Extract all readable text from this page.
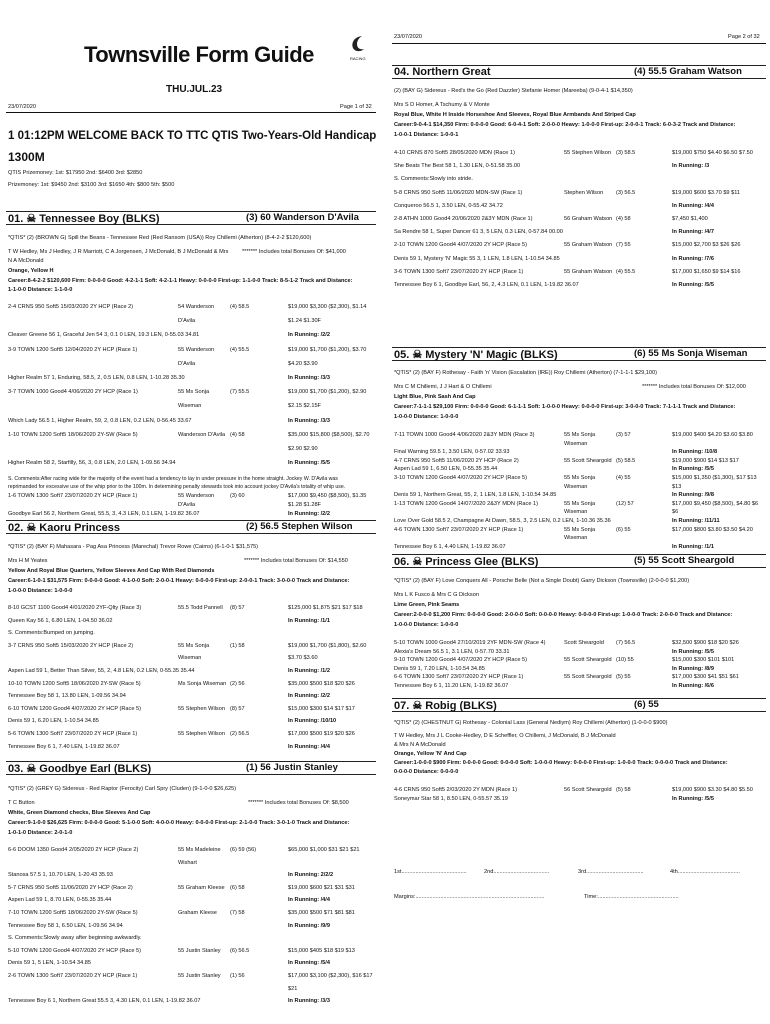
Townsville Form Guide	RACING
THU.JUL.23
23/07/2020	Page 1 of 32
1 01:12PM WELCOME BACK TO TTC QTIS Two-Years-Old Handicap
1300M
QTIS Prizemoney: 1st: $17950 2nd: $6400 3rd: $2850
Prizemoney: 1st: $9450 2nd: $3100 3rd: $1650 4th: $800 5th: $500
01. ☠ Tennessee Boy (BLKS)	(3) 60 Wanderson D'Avila
*QTIS* (2) (BROWN G) Spill the Beans - Tennessee Red (Red Ransom (USA)) Roy Chillemi (Atherton) (8-4-2-2 $120,600)
T W Hedley, Ms J Hedley, J R Marriott, C A Jorgensen, J McDonald, B J McDonald & Mrs ******* Includes total Bonuses Of: $41,000
N A McDonald
Orange, Yellow H
Career:8-4-2-2 $120,600 Firm: 0-0-0-0 Good: 4-2-1-1 Soft: 4-2-1-1 Heavy: 0-0-0-0 First-up: 1-1-0-0 Track: 8-5-1-2 Track and Distance:
1-1-0-0 Distance: 1-1-0-0
2-4 CRNS 950 Soft5 15/03/2020 2Y HCP (Race 2)	54 Wanderson	(4) 58.5	$19,000 $3,300 ($2,300), $1.14
D'Avila	$1.24 $1.30F
Cleaver Greene 56 1, Graceful Jen 54 3, 0.1 0 LEN, 19.3 LEN, 0-55.03 34.81	In Running: /2/2
3-9 TOWN 1200 Soft5 12/04/2020 2Y HCP (Race 1)	55 Wanderson	(4) 55.5	$19,000 $1,700 ($1,200), $3.70
D'Avila	$4.20 $3.90
Higher Realm 57 1, Enduring, 58.5, 2, 0.5 LEN, 0.8 LEN, 1-10.28 35.30	In Running: /3/3
3-7 TOWN 1000 Good4 4/06/2020 2Y HCP (Race 1)	55 Ms Sonja	(7) 55.5	$19,000 $1,700 ($1,200), $2.90
Wiseman	$2.15 $2.15F
Which Lady 56.5 1, Higher Realm, 59, 2, 0.8 LEN, 0.2 LEN, 0-56.45 33.67	In Running: /3/3
1-10 TOWN 1200 Soft5 18/06/2020 2Y-SW (Race 5)	Wanderson D'Avila (4) 58	$35,000 $15,800 ($8,500), $2.70
$2.90 $2.90
Higher Realm 58 2, Starfilly, 56, 3, 0.8 LEN, 2.0 LEN, 1-09.56 34.94	In Running: /5/5
S. Comments:After racing wide for the majority of the event had a tendency to lay in under pressure in the home straight. Jockey W. D'Avila was
reprimanded for excessive use of the whip prior to the 100m. In determining penalty stewards took into account jockey D'Avila's totality of whip use.
1-6 TOWN 1300 Soft7 23/07/2020 2Y HCP (Race 1)	55 Wanderson	(3) 60	$17,000 $9,450 ($8,500), $1.35
D'Avila	$1.28 $1.28F
Goodbye Earl 56 2, Northern Great, 55.5, 3, 4.3 LEN, 0.1 LEN, 1-19.82 36.07	In Running: /2/2
02. ☠ Kaoru Princess	(2) 56.5 Stephen Wilson
*QTIS* (2) (BAY F) Mahasara - Pag Asa Princess (Marechal) Trevor Rowe (Cairns) (6-1-0-1 $31,575)
Mrs H M Yeates	******* Includes total Bonuses Of: $14,550
Yellow And Royal Blue Quarters, Yellow Sleeves And Cap With Red Diamonds
Career:6-1-0-1 $31,575 Firm: 0-0-0-0 Good: 4-1-0-0 Soft: 2-0-0-1 Heavy: 0-0-0-0 First-up: 2-0-0-1 Track: 3-0-0-0 Track and Distance:
1-0-0-0 Distance: 1-0-0-0
8-10 GCST 1100 Good4 4/01/2020 2YF-Qlty (Race 3)	55.5 Todd Pannell (8) 57	$125,000 $1,875 $21 $17 $18
Queen Kay 56 1, 6.80 LEN, 1-04.50 36.02	In Running: /1/1
S. Comments:Bumped on jumping.
3-7 CRNS 950 Soft5 15/03/2020 2Y HCP (Race 2)	55 Ms Sonja	(1) 58	$19,000 $1,700 ($1,800), $2.60
Wiseman	$3.70 $3.60
Aspen Lad 59 1, Better Than Silver, 55, 2, 4.8 LEN, 0.2 LEN, 0-55.35 35.44	In Running: /1/2
10-10 TOWN 1200 Soft5 18/06/2020 2Y-SW (Race 5)	Ms Sonja Wiseman (2) 56	$35,000 $500 $18 $20 $26
Tennessee Boy 58 1, 13.80 LEN, 1-09.56 34.94	In Running: /2/2
6-10 TOWN 1200 Good4 4/07/2020 2Y HCP (Race 5)	55 Stephen Wilson (8) 57	$15,000 $300 $14 $17 $17
Denis 59 1, 6.20 LEN, 1-10.54 34.85	In Running: /10/10
5-6 TOWN 1300 Soft7 23/07/2020 2Y HCP (Race 1)	55 Stephen Wilson (2) 56.5	$17,000 $500 $19 $20 $26
Tennessee Boy 6 1, 7.40 LEN, 1-19.82 36.07	In Running: /4/4
03. ☠ Goodbye Earl (BLKS)	(1) 56 Justin Stanley
*QTIS* (2) (GREY G) Sidereus - Red Raptor (Ferocity) Carl Spry (Cluden) (9-1-0-0 $26,625)
T C Button	******* Includes total Bonuses Of: $8,500
White, Green Diamond checks, Blue Sleeves And Cap
Career:9-1-0-0 $26,625 Firm: 0-0-0-0 Good: 5-1-0-0 Soft: 4-0-0-0 Heavy: 0-0-0-0 First-up: 2-1-0-0 Track: 3-0-1-0 Track and Distance:
1-0-1-0 Distance: 2-0-1-0
6-6 DOOM 1350 Good4 2/05/2020 2Y HCP (Race 2)	55 Ms Madeleine (6) 59 (56)	$65,000 $1,000 $31 $21 $21
Wishart
Stanosa 57.5 1, 10.70 LEN, 1-20.43 35.93	In Running: 2/2/2
5-7 CRNS 950 Soft5 11/06/2020 2Y HCP (Race 2)	55 Graham Kleese (6) 58	$19,000 $600 $21 $31 $31
Aspen Lad 59 1, 8.70 LEN, 0-55.35 35.44	In Running: /4/4
7-10 TOWN 1200 Soft5 18/06/2020 2Y-SW (Race 5)	Graham Kleese (7) 58	$35,000 $500 $71 $81 $81
Tennessee Boy 58 1, 6.50 LEN, 1-09.56 34.94	In Running: /9/9
S. Comments:Slowly away after beginning awkwardly.
5-10 TOWN 1200 Good4 4/07/2020 2Y HCP (Race 5)	55 Justin Stanley (6) 56.5	$15,000 $405 $18 $19 $13
Denis 59 1, 5 LEN, 1-10.54 34.85	In Running: /5/4
2-6 TOWN 1300 Soft7 23/07/2020 2Y HCP (Race 1)	55 Justin Stanley (1) 56	$17,000 $3,100 ($2,300), $16 $17
$21
Tennessee Boy 6 1, Northern Great 55.5 3, 4.30 LEN, 0.1 LEN, 1-19.82 36.07	In Running: /3/3
23/07/2020	Page 2 of 32
04. Northern Great	(4) 55.5 Graham Watson
(2) (BAY G) Sidereus - Red's the Go (Red Dazzler) Stefanie Homer (Mareeba) (9-0-4-1 $14,350)
Mrs S D Homer, A Tschumy & V Monte
Royal Blue, White H Inside Horseshoe And Sleeves, Royal Blue Armbands And Striped Cap
Career:9-0-4-1 $14,350 Firm: 0-0-0-0 Good: 6-0-4-1 Soft: 2-0-0-0 Heavy: 1-0-0-0 First-up: 2-0-0-1 Track: 6-0-3-2 Track and Distance:
1-0-0-1 Distance: 1-0-0-1
4-10 CRNS 870 Soft5 28/05/2020 MDN (Race 1)	55 Stephen Wilson (3) 58.5	$19,000 $750 $4.40 $6.50 $7.50
She Beats The Best 58 1, 1.30 LEN, 0-51.58 35.00	In Running: /3
S. Comments:Slowly into stride.
5-8 CRNS 950 Soft5 11/06/2020 MDN-SW (Race 1)	Stephen Wilson (3) 56.5	$19,000 $600 $3.70 $9 $11
Conqueroo 56.5 1, 3.50 LEN, 0-55.42 34.72	In Running: /4/4
2-8 ATHN 1000 Good4 20/06/2020 2&3Y MDN (Race 1)	56 Graham Watson (4) 58	$7,450 $1,400
Sa Rendre 58 1, Super Dancer 61 3, 5 LEN, 0.3 LEN, 0-57.84 00.00	In Running: /4/7
2-10 TOWN 1200 Good4 4/07/2020 2Y HCP (Race 5)	55 Graham Watson (7) 55	$15,000 $2,700 $3 $26 $26
Denis 59 1, Mystery 'N' Magic 55 3, 1 LEN, 1.8 LEN, 1-10.54 34.85	In Running: /7/6
3-6 TOWN 1300 Soft7 23/07/2020 2Y HCP (Race 1)	55 Graham Watson (4) 55.5	$17,000 $1,650 $9 $14 $16
Tennessee Boy 6 1, Goodbye Earl, 56, 2, 4.3 LEN, 0.1 LEN, 1-19.82 36.07	In Running: /5/5
05. ☠ Mystery 'N' Magic (BLKS)	(6) 55 Ms Sonja Wiseman
*QTIS* (2) (BAY F) Rothesay - Faith 'n' Vision (Escalation (IRE)) Roy Chillemi (Atherton) (7-1-1-1 $29,100)
Mrs C M Chillemi, J J Hart & O Chillemi	******* Includes total Bonuses Of: $12,000
Light Blue, Pink Sash And Cap
Career:7-1-1-1 $29,100 Firm: 0-0-0-0 Good: 6-1-1-1 Soft: 1-0-0-0 Heavy: 0-0-0-0 First-up: 3-0-0-0 Track: 7-1-1-1 Track and Distance:
1-0-0-0 Distance: 1-0-0-0
7-11 TOWN 1000 Good4 4/06/2020 2&3Y MDN (Race 3)	55 Ms Sonja	(3) 57	$19,000 $400 $4.20 $3.60 $3.80
Wiseman
Final Warning 59.5 1, 3.50 LEN, 0-57.02 33.93	In Running: /10/8
4-7 CRNS 950 Soft5 11/06/2020 2Y HCP (Race 2)	55 Scott Sheargold (5) 58.5	$19,000 $900 $14 $13 $17
Aspen Lad 59 1, 6.50 LEN, 0-55.35 35.44	In Running: /5/5
3-10 TOWN 1200 Good4 4/07/2020 2Y HCP (Race 5)	55 Ms Sonja	(4) 55	$15,000 $1,350 ($1,300), $17 $13
Wiseman	$13
Denis 59 1, Northern Great, 55, 2, 1 LEN, 1.8 LEN, 1-10.54 34.85	In Running: /9/8
1-13 TOWN 1200 Good4 14/07/2020 2&3Y MDN (Race 1)	55 Ms Sonja	(12) 57	$17,000 $9,450 ($8,500), $4.80 $6
Wiseman	$6
Love Over Gold 58.5 2, Champagne At Dawn, 58.5, 3, 2.5 LEN, 0.2 LEN, 1-10.36 35.36	In Running: /11/11
4-6 TOWN 1300 Soft7 23/07/2020 2Y HCP (Race 1)	55 Ms Sonja	(6) 55	$17,000 $800 $3.80 $3.50 $4.20
Wiseman
Tennessee Boy 6 1, 4.40 LEN, 1-19.82 36.07	In Running: /1/1
06. ☠ Princess Glee (BLKS)	(5) 55 Scott Sheargold
*QTIS* (2) (BAY F) Love Conquers All - Porsche Belle (Not a Single Doubt) Garry Dickson (Townsville) (2-0-0-0 $1,200)
Mrs L K Fusco & Mrs C G Dickson
Lime Green, Pink Seams
Career:2-0-0-0 $1,200 Firm: 0-0-0-0 Good: 2-0-0-0 Soft: 0-0-0-0 Heavy: 0-0-0-0 First-up: 1-0-0-0 Track: 2-0-0-0 Track and Distance:
1-0-0-0 Distance: 1-0-0-0
5-10 TOWN 1000 Good4 27/10/2019 2YF MDN-SW (Race 4)	Scott Sheargold (7) 56.5	$32,500 $900 $18 $20 $26
Alexia's Dream 56.5 1, 3.1 LEN, 0-57.70 33.31	In Running: /5/5
9-10 TOWN 1200 Good4 4/07/2020 2Y HCP (Race 5)	55 Scott Sheargold (10) 55	$15,000 $300 $101 $101
Denis 59 1, 7.20 LEN, 1-10.54 34.85	In Running: /8/9
6-6 TOWN 1300 Soft7 23/07/2020 2Y HCP (Race 1)	55 Scott Sheargold (5) 55	$17,000 $300 $41 $51 $61
Tennessee Boy 6 1, 11.20 LEN, 1-19.82 36.07	In Running: /6/6
07. ☠ Robig (BLKS)	(6) 55
*QTIS* (2) (CHESTNUT G) Rothesay - Colonial Lass (General Nediym) Roy Chillemi (Atherton) (1-0-0-0 $900)
T W Hedley, Mrs J L Cooke-Hedley, D E Scheffler, O Chillemi, J McDonald, B J McDonald
& Mrs N A McDonald
Orange, Yellow 'N' And Cap
Career:1-0-0-0 $900 Firm: 0-0-0-0 Good: 0-0-0-0 Soft: 1-0-0-0 Heavy: 0-0-0-0 First-up: 1-0-0-0 Track: 0-0-0-0 Track and Distance:
0-0-0-0 Distance: 0-0-0-0
4-6 CRNS 950 Soft5 2/03/2020 2Y MDN (Race 1)	56 Scott Sheargold (5) 58	$19,000 $900 $3.30 $4.80 $5.50
Soneymar Star 58 1, 8.50 LEN, 0-55.57 35.19	In Running: /5/5
1st..........................................	2nd....................................	3rd.....................................	4th........................................
Margins:...................................................................................	Time:....................................................
